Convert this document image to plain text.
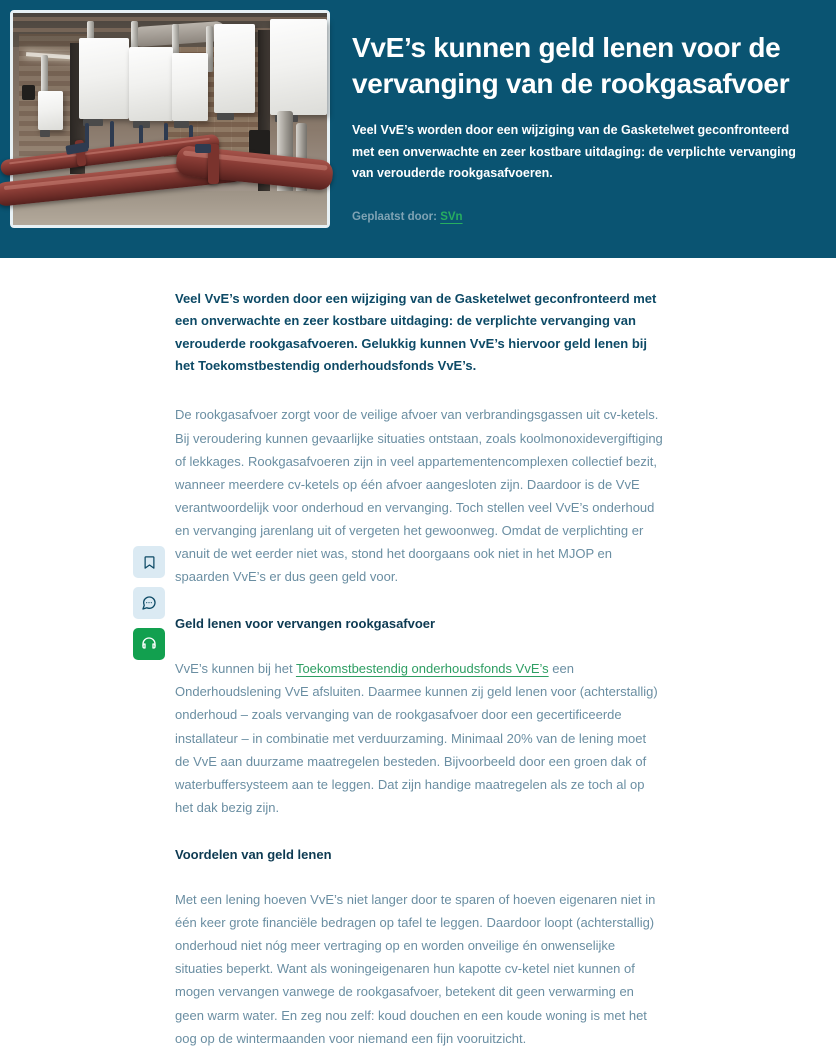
VvE’s kunnen geld lenen voor de vervanging van de rookgasafvoer

Veel VvE’s worden door een wijziging van de Gasketelwet geconfronteerd met een onverwachte en zeer kostbare uitdaging: de verplichte vervanging van verouderde rookgasafvoeren.

Geplaatst door: SVn

Veel VvE’s worden door een wijziging van de Gasketelwet geconfronteerd met een onverwachte en zeer kostbare uitdaging: de verplichte vervanging van verouderde rookgasafvoeren. Gelukkig kunnen VvE’s hiervoor geld lenen bij het Toekomstbestendig onderhoudsfonds VvE’s.

De rookgasafvoer zorgt voor de veilige afvoer van verbrandingsgassen uit cv-ketels. Bij veroudering kunnen gevaarlijke situaties ontstaan, zoals koolmonoxidevergiftiging of lekkages. Rookgasafvoeren zijn in veel appartementencomplexen collectief bezit, wanneer meerdere cv-ketels op één afvoer aangesloten zijn. Daardoor is de VvE verantwoordelijk voor onderhoud en vervanging. Toch stellen veel VvE’s onderhoud en vervanging jarenlang uit of vergeten het gewoonweg. Omdat de verplichting er vanuit de wet eerder niet was, stond het doorgaans ook niet in het MJOP en spaarden VvE’s er dus geen geld voor.

Geld lenen voor vervangen rookgasafvoer

VvE’s kunnen bij het Toekomstbestendig onderhoudsfonds VvE’s een Onderhoudslening VvE afsluiten. Daarmee kunnen zij geld lenen voor (achterstallig) onderhoud – zoals vervanging van de rookgasafvoer door een gecertificeerde installateur – in combinatie met verduurzaming. Minimaal 20% van de lening moet de VvE aan duurzame maatregelen besteden. Bijvoorbeeld door een groen dak of waterbuffersysteem aan te leggen. Dat zijn handige maatregelen als ze toch al op het dak bezig zijn.

Voordelen van geld lenen

Met een lening hoeven VvE’s niet langer door te sparen of hoeven eigenaren niet in één keer grote financiële bedragen op tafel te leggen. Daardoor loopt (achterstallig) onderhoud niet nóg meer vertraging op en worden onveilige én onwenselijke situaties beperkt. Want als woningeigenaren hun kapotte cv-ketel niet kunnen of mogen vervangen vanwege de rookgasafvoer, betekent dit geen verwarming en geen warm water. En zeg nou zelf: koud douchen en een koude woning is met het oog op de wintermaanden voor niemand een fijn vooruitzicht.
